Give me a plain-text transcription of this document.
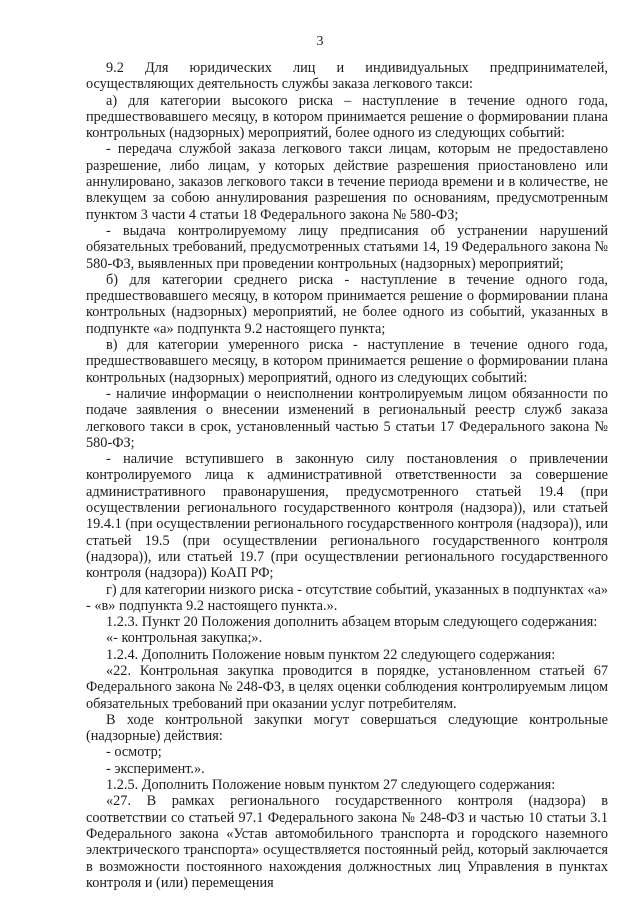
3

9.2 Для юридических лиц и индивидуальных предпринимателей, осуществляющих деятельность службы заказа легкового такси:

а) для категории высокого риска – наступление в течение одного года, предшествовавшего месяцу, в котором принимается решение о формировании плана контрольных (надзорных) мероприятий, более одного из следующих событий:

- передача службой заказа легкового такси лицам, которым не предоставлено разрешение, либо лицам, у которых действие разрешения приостановлено или аннулировано, заказов легкового такси в течение периода времени и в количестве, не влекущем за собою аннулирования разрешения по основаниям, предусмотренным пунктом 3 части 4 статьи 18 Федерального закона № 580-ФЗ;

- выдача контролируемому лицу предписания об устранении нарушений обязательных требований, предусмотренных статьями 14, 19 Федерального закона № 580-ФЗ, выявленных при проведении контрольных (надзорных) мероприятий;

б) для категории среднего риска - наступление в течение одного года, предшествовавшего месяцу, в котором принимается решение о формировании плана контрольных (надзорных) мероприятий, не более одного из событий, указанных в подпункте «а» подпункта 9.2 настоящего пункта;

в) для категории умеренного риска - наступление в течение одного года, предшествовавшего месяцу, в котором принимается решение о формировании плана контрольных (надзорных) мероприятий, одного из следующих событий:

- наличие информации о неисполнении контролируемым лицом обязанности по подаче заявления о внесении изменений в региональный реестр служб заказа легкового такси в срок, установленный частью 5 статьи 17 Федерального закона № 580-ФЗ;

- наличие вступившего в законную силу постановления о привлечении контролируемого лица к административной ответственности за совершение административного правонарушения, предусмотренного статьей 19.4 (при осуществлении регионального государственного контроля (надзора)), или статьей 19.4.1 (при осуществлении регионального государственного контроля (надзора)), или статьей 19.5 (при осуществлении регионального государственного контроля (надзора)), или статьей 19.7 (при осуществлении регионального государственного контроля (надзора)) КоАП РФ;

г) для категории низкого риска - отсутствие событий, указанных в подпунктах «а» - «в» подпункта 9.2 настоящего пункта.».

1.2.3. Пункт 20 Положения дополнить абзацем вторым следующего содержания:

«- контрольная закупка;».

1.2.4. Дополнить Положение новым пунктом 22 следующего содержания:

«22. Контрольная закупка проводится в порядке, установленном статьей 67 Федерального закона № 248-ФЗ, в целях оценки соблюдения контролируемым лицом обязательных требований при оказании услуг потребителям.

В ходе контрольной закупки могут совершаться следующие контрольные (надзорные) действия:

- осмотр;

- эксперимент.».

1.2.5. Дополнить Положение новым пунктом 27 следующего содержания:

«27. В рамках регионального государственного контроля (надзора) в соответствии со статьей 97.1 Федерального закона № 248-ФЗ и частью 10 статьи 3.1 Федерального закона «Устав автомобильного транспорта и городского наземного электрического транспорта» осуществляется постоянный рейд, который заключается в возможности постоянного нахождения должностных лиц Управления в пунктах контроля и (или) перемещения
